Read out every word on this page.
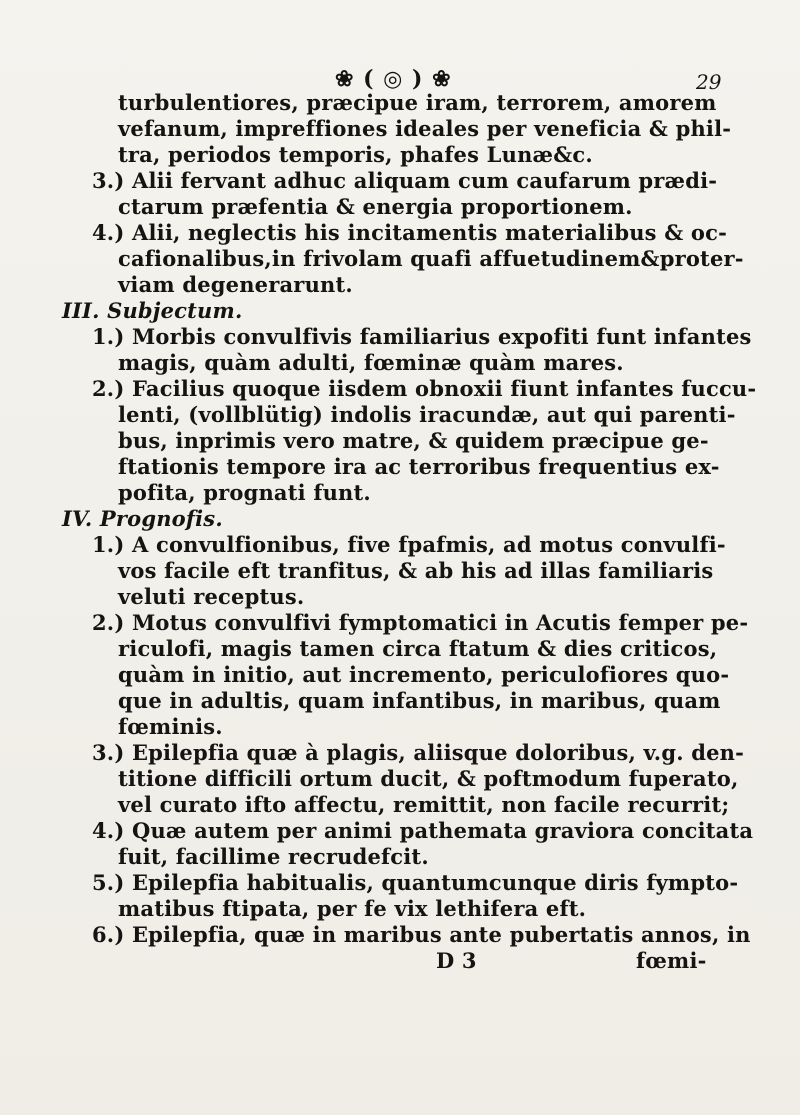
❀ ( ◎ ) ❀	29
turbulentiores, præcipue iram, terrorem, amorem
vefanum, impreffiones ideales per veneficia & phil-
tra, periodos temporis, phafes Lunæ&c.
3.) Alii fervant adhuc aliquam cum caufarum prædi-
ctarum præfentia & energia proportionem.
4.) Alii, neglectis his incitamentis materialibus & oc-
cafionalibus,in frivolam quafi affuetudinem&proter-
viam degenerarunt.
III. Subjectum.
1.) Morbis convulfivis familiarius expofiti funt infantes
magis, quàm adulti, fœminæ quàm mares.
2.) Facilius quoque iisdem obnoxii fiunt infantes fuccu-
lenti, (vollblütig) indolis iracundæ, aut qui parenti-
bus, inprimis vero matre, & quidem præcipue ge-
ftationis tempore ira ac terroribus frequentius ex-
pofita, prognati funt.
IV. Prognofis.
1.) A convulfionibus, five fpafmis, ad motus convulfi-
vos facile eft tranfitus, & ab his ad illas familiaris
veluti receptus.
2.) Motus convulfivi fymptomatici in Acutis femper pe-
riculofi, magis tamen circa ftatum & dies criticos,
quàm in initio, aut incremento, periculofiores quo-
que in adultis, quam infantibus, in maribus, quam
fœminis.
3.) Epilepfia quæ à plagis, aliisque doloribus, v.g. den-
titione difficili ortum ducit, & poftmodum fuperato,
vel curato ifto affectu, remittit, non facile recurrit;
4.) Quæ autem per animi pathemata graviora concitata
fuit, facillime recrudefcit.
5.) Epilepfia habitualis, quantumcunque diris fympto-
matibus ftipata, per fe vix lethifera eft.
6.) Epilepfia, quæ in maribus ante pubertatis annos, in
D 3	fœmi-
